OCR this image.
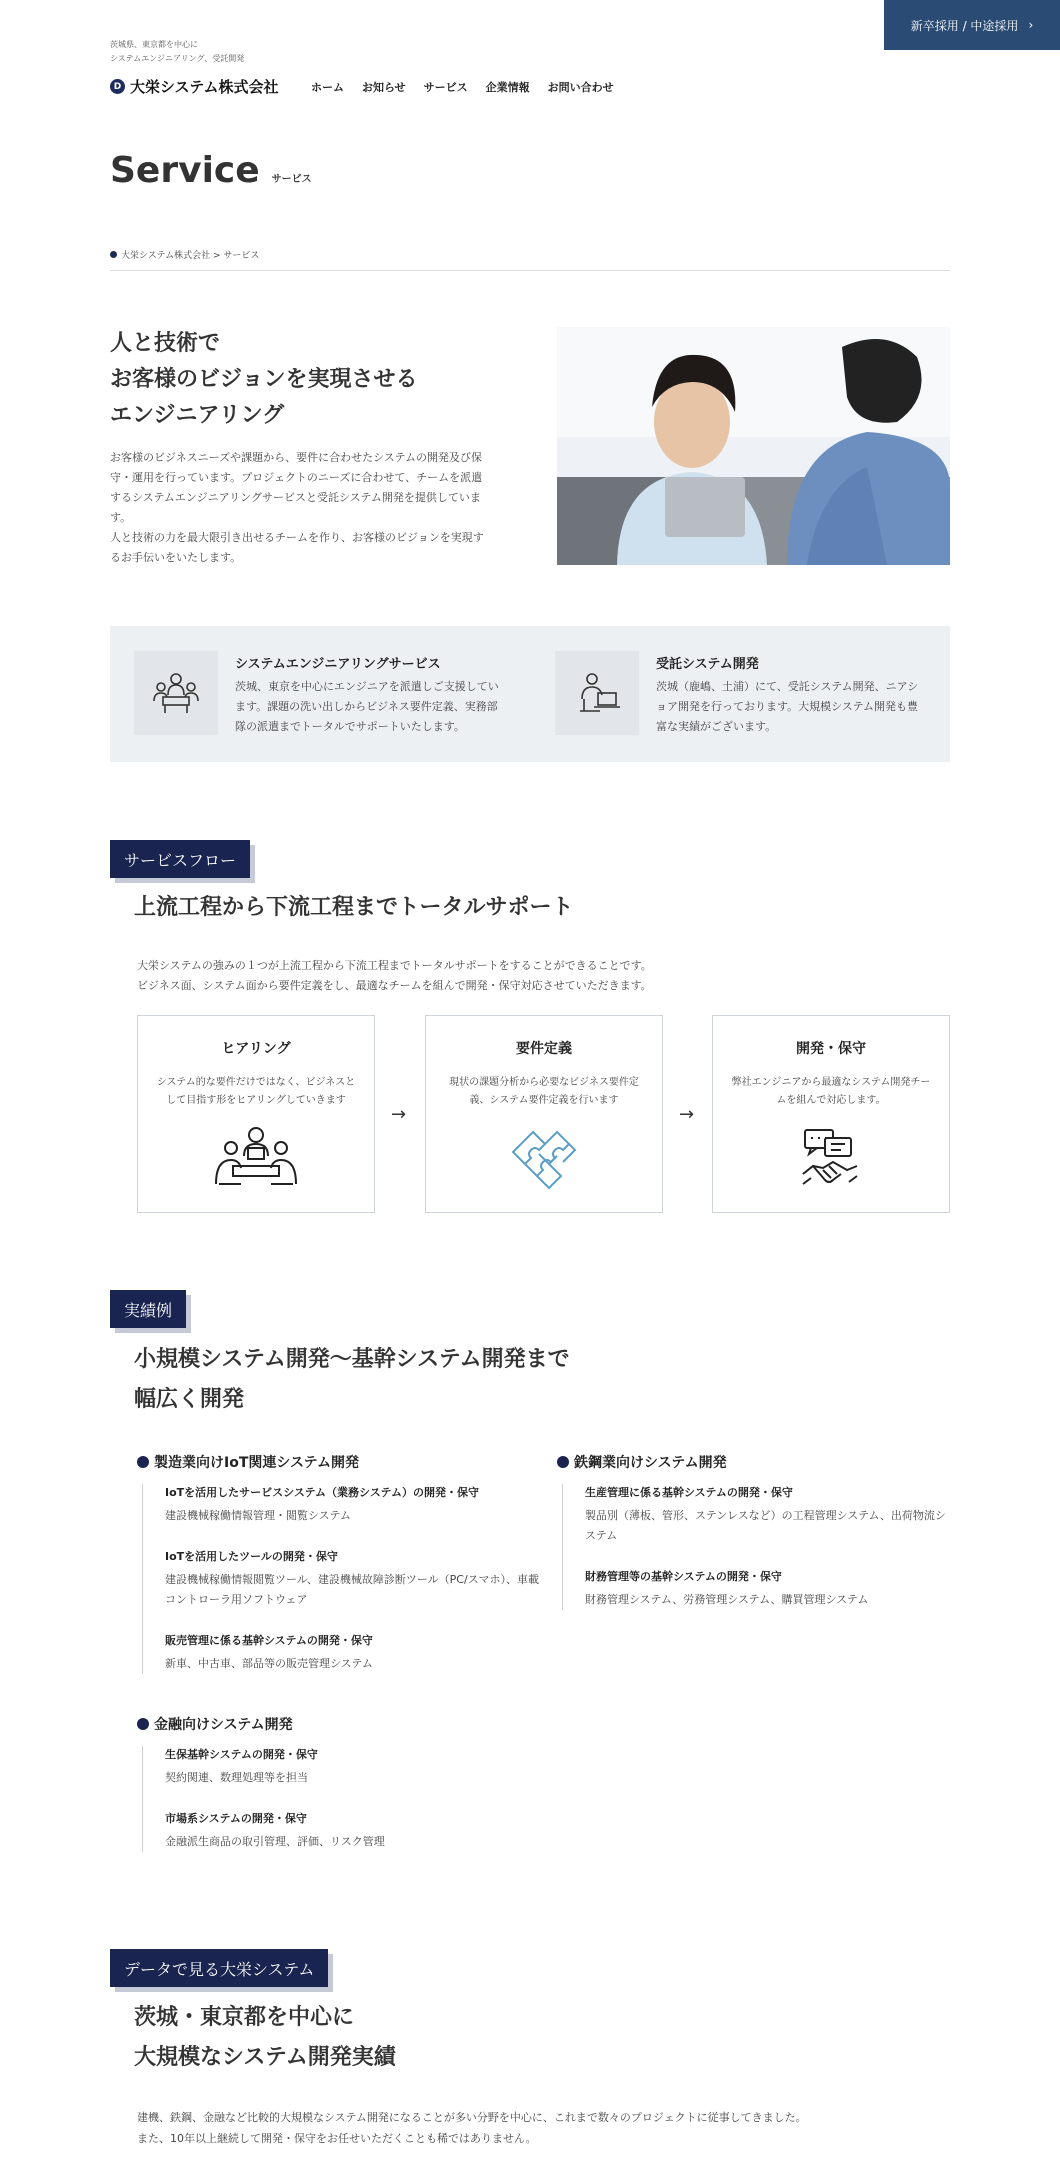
新卒採用 / 中途採用 ›
茨城県、東京都を中心に
システムエンジニアリング、受託開発
D 大栄システム株式会社	ホーム お知らせ サービス 企業情報 お問い合わせ
Service サービス
大栄システム株式会社 > サービス
人と技術で
お客様のビジョンを実現させる
エンジニアリング
お客様のビジネスニーズや課題から、要件に合わせたシステムの開発及び保守・運用を行っています。プロジェクトのニーズに合わせて、チームを派遣するシステムエンジニアリングサービスと受託システム開発を提供しています。
人と技術の力を最大限引き出せるチームを作り、お客様のビジョンを実現するお手伝いをいたします。
システムエンジニアリングサービス
茨城、東京を中心にエンジニアを派遣しご支援しています。課題の洗い出しからビジネス要件定義、実務部隊の派遣までトータルでサポートいたします。
受託システム開発
茨城（鹿嶋、土浦）にて、受託システム開発、ニアショア開発を行っております。大規模システム開発も豊富な実績がございます。
サービスフロー
上流工程から下流工程までトータルサポート
大栄システムの強みの１つが上流工程から下流工程までトータルサポートをすることができることです。
ビジネス面、システム面から要件定義をし、最適なチームを組んで開発・保守対応させていただきます。
ヒアリング
システム的な要件だけではなく、ビジネスとして目指す形をヒアリングしていきます
→
要件定義
現状の課題分析から必要なビジネス要件定義、システム要件定義を行います
→
開発・保守
弊社エンジニアから最適なシステム開発チームを組んで対応します。
実績例
小規模システム開発〜基幹システム開発まで
幅広く開発
製造業向けIoT関連システム開発
IoTを活用したサービスシステム（業務システム）の開発・保守
建設機械稼働情報管理・閲覧システム
IoTを活用したツールの開発・保守
建設機械稼働情報閲覧ツール、建設機械故障診断ツール（PC/スマホ）、車載コントローラ用ソフトウェア
販売管理に係る基幹システムの開発・保守
新車、中古車、部品等の販売管理システム
鉄鋼業向けシステム開発
生産管理に係る基幹システムの開発・保守
製品別（薄板、管形、ステンレスなど）の工程管理システム、出荷物流システム
財務管理等の基幹システムの開発・保守
財務管理システム、労務管理システム、購買管理システム
金融向けシステム開発
生保基幹システムの開発・保守
契約関連、数理処理等を担当
市場系システムの開発・保守
金融派生商品の取引管理、評価、リスク管理
データで見る大栄システム
茨城・東京都を中心に
大規模なシステム開発実績
建機、鉄鋼、金融など比較的大規模なシステム開発になることが多い分野を中心に、これまで数々のプロジェクトに従事してきました。
また、10年以上継続して開発・保守をお任せいただくことも稀ではありません。
